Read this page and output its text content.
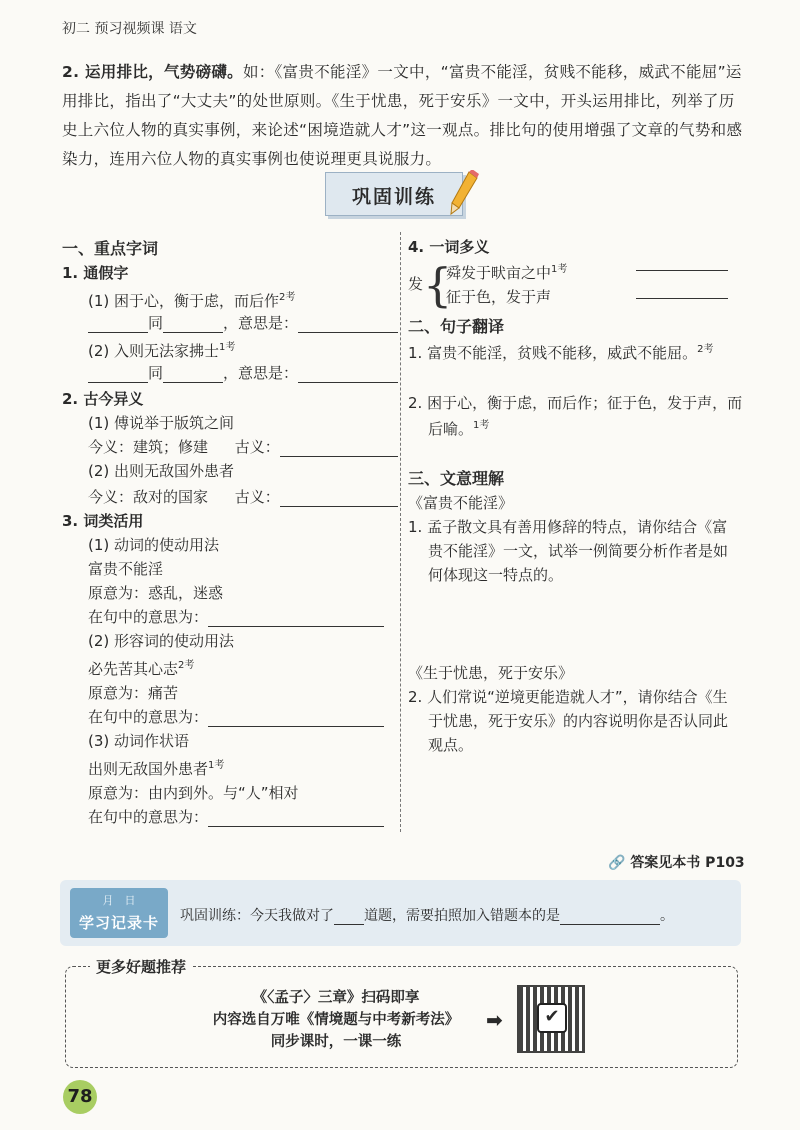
初二 预习视频课 语文
2. 运用排比，气势磅礴。如：《富贵不能淫》一文中，“富贵不能淫，贫贱不能移，威武不能屈”运用排比，指出了“大丈夫”的处世原则。《生于忧患，死于安乐》一文中，开头运用排比，列举了历史上六位人物的真实事例，来论述“困境造就人才”这一观点。排比句的使用增强了文章的气势和感染力，连用六位人物的真实事例也使说理更具说服力。
巩固训练
一、重点字词
1. 通假字
(1) 困于心，衡于虑，而后作$^{2考}$
同	，意思是：
(2) 入则无法家拂士$^{1考}$
同	，意思是：
2. 古今异义
(1) 傅说举于版筑之间
今义：建筑；修建 古义：
(2) 出则无敌国外患者
今义：敌对的国家 古义：
3. 词类活用
(1) 动词的使动用法
富贵不能淫
原意为：惑乱，迷惑
在句中的意思为：
(2) 形容词的使动用法
必先苦其心志$^{2考}$
原意为：痛苦
在句中的意思为：
(3) 动词作状语
出则无敌国外患者$^{1考}$
原意为：由内到外。与“人”相对
在句中的意思为：
4. 一词多义
发 {
舜发于畎亩之中$^{1考}$
征于色，发于声
二、句子翻译
1. 富贵不能淫，贫贱不能移，威武不能屈。$^{2考}$
2. 困于心，衡于虑，而后作；征于色，发于声，而
后喻。$^{1考}$
三、文意理解
《富贵不能淫》
1. 孟子散文具有善用修辞的特点，请你结合《富
贵不能淫》一文，试举一例简要分析作者是如
何体现这一特点的。
《生于忧患，死于安乐》
2. 人们常说“逆境更能造就人才”，请你结合《生
于忧患，死于安乐》的内容说明你是否认同此
观点。
🔗 答案见本书 P103
月　日
学习记录卡	巩固训练：今天我做对了 道题，需要拍照加入错题本的是	。
更多好题推荐
《〈孟子〉三章》扫码即享
内容选自万唯《情境题与中考新考法》
同步课时，一课一练
➡	✔
78
